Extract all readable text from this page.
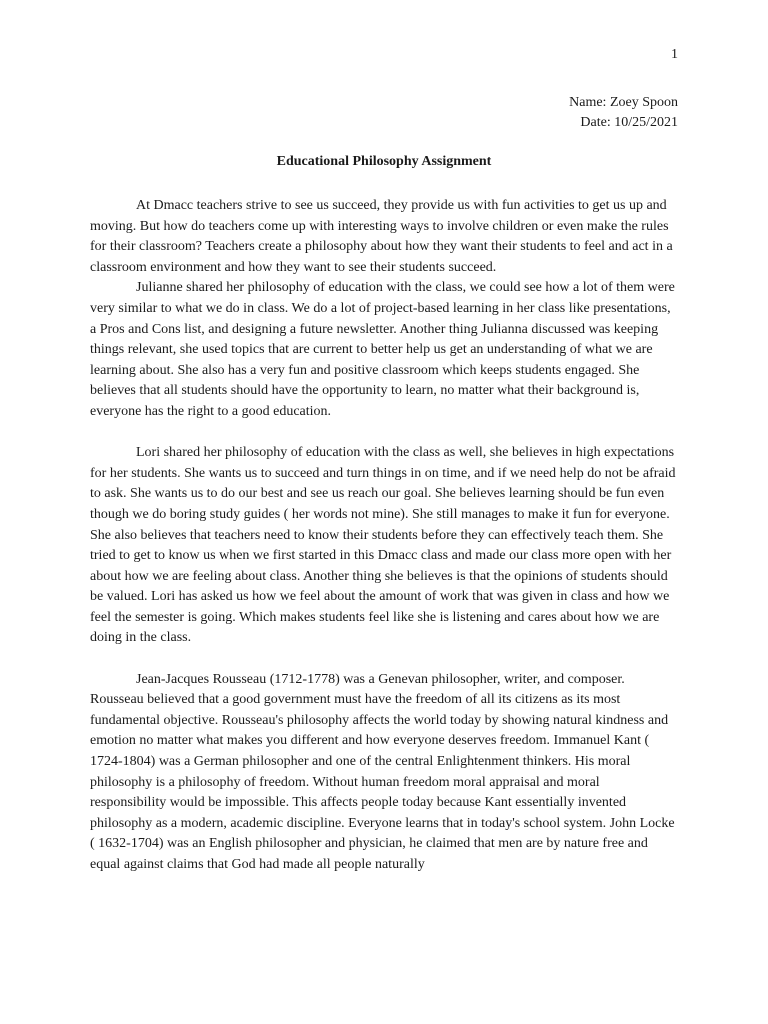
1
Name: Zoey Spoon
Date: 10/25/2021
Educational Philosophy Assignment

At Dmacc teachers strive to see us succeed, they provide us with fun activities to get us up and moving. But how do teachers come up with interesting ways to involve children or even make the rules for their classroom? Teachers create a philosophy about how they want their students to feel and act in a classroom environment and how they want to see their students succeed.

Julianne shared her philosophy of education with the class, we could see how a lot of them were very similar to what we do in class. We do a lot of project-based learning in her class like presentations, a Pros and Cons list, and designing a future newsletter. Another thing Julianna discussed was keeping things relevant, she used topics that are current to better help us get an understanding of what we are learning about. She also has a very fun and positive classroom which keeps students engaged. She believes that all students should have the opportunity to learn, no matter what their background is, everyone has the right to a good education.

Lori shared her philosophy of education with the class as well, she believes in high expectations for her students. She wants us to succeed and turn things in on time, and if we need help do not be afraid to ask. She wants us to do our best and see us reach our goal. She believes learning should be fun even though we do boring study guides ( her words not mine). She still manages to make it fun for everyone. She also believes that teachers need to know their students before they can effectively teach them. She tried to get to know us when we first started in this Dmacc class and made our class more open with her about how we are feeling about class. Another thing she believes is that the opinions of students should be valued. Lori has asked us how we feel about the amount of work that was given in class and how we feel the semester is going. Which makes students feel like she is listening and cares about how we are doing in the class.

Jean-Jacques Rousseau (1712-1778) was a Genevan philosopher, writer, and composer. Rousseau believed that a good government must have the freedom of all its citizens as its most fundamental objective. Rousseau's philosophy affects the world today by showing natural kindness and emotion no matter what makes you different and how everyone deserves freedom. Immanuel Kant ( 1724-1804) was a German philosopher and one of the central Enlightenment thinkers. His moral philosophy is a philosophy of freedom. Without human freedom moral appraisal and moral responsibility would be impossible. This affects people today because Kant essentially invented philosophy as a modern, academic discipline. Everyone learns that in today's school system. John Locke ( 1632-1704) was an English philosopher and physician, he claimed that men are by nature free and equal against claims that God had made all people naturally
